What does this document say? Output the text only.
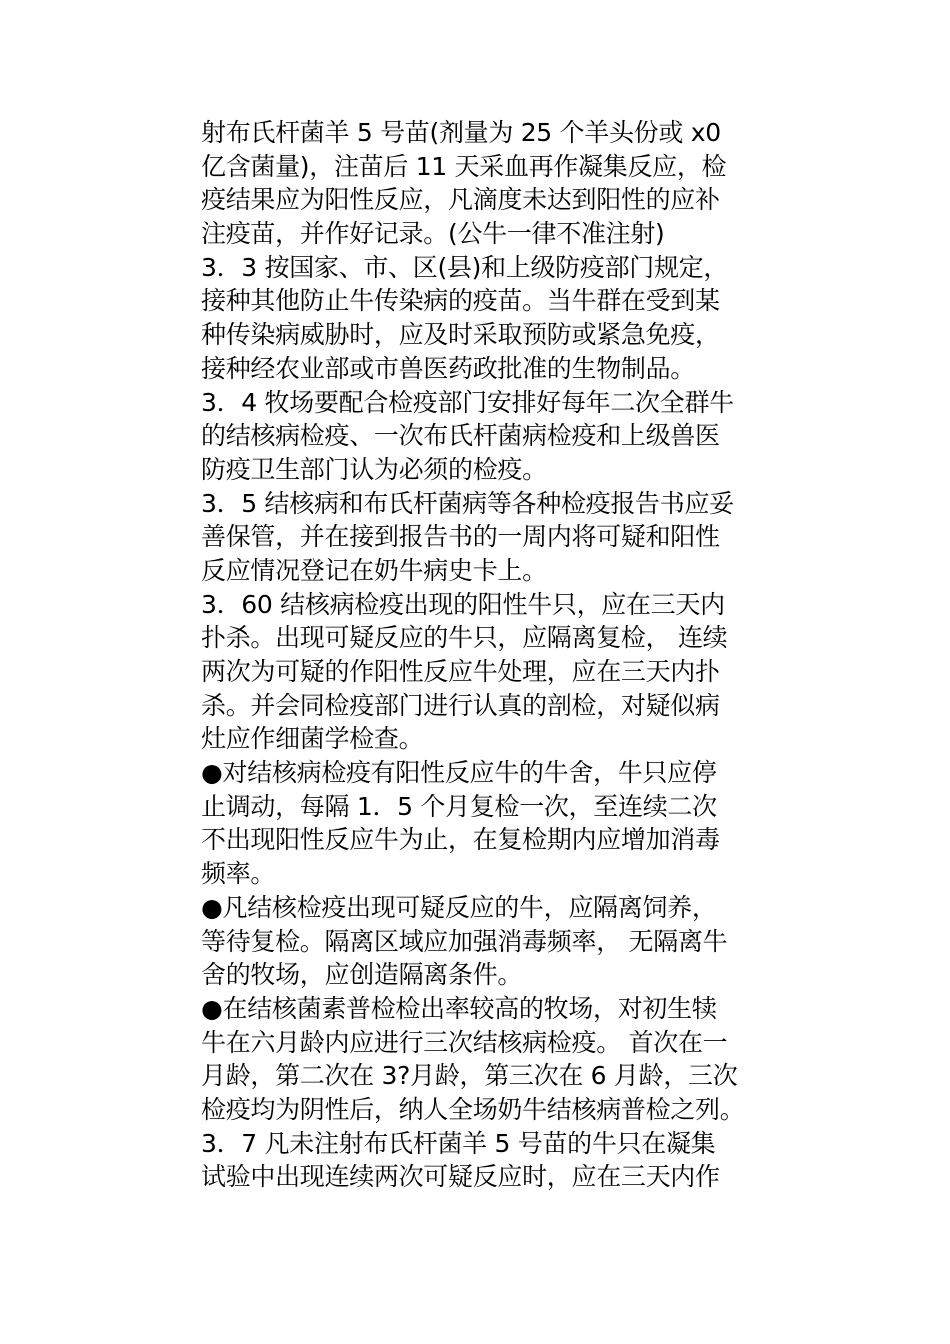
射布氏杆菌羊 5 号苗(剂量为 25 个羊头份或 x0
亿含菌量)，注苗后 11 天采血再作凝集反应，检
疫结果应为阳性反应，凡滴度未达到阳性的应补
注疫苗，并作好记录。(公牛一律不准注射)
3．3 按国家、市、区(县)和上级防疫部门规定，
接种其他防止牛传染病的疫苗。当牛群在受到某
种传染病威胁时，应及时采取预防或紧急免疫，
接种经农业部或市兽医药政批准的生物制品。
3．4 牧场要配合检疫部门安排好每年二次全群牛
的结核病检疫、一次布氏杆菌病检疫和上级兽医
防疫卫生部门认为必须的检疫。
3．5 结核病和布氏杆菌病等各种检疫报告书应妥
善保管，并在接到报告书的一周内将可疑和阳性
反应情况登记在奶牛病史卡上。
3．60 结核病检疫出现的阳性牛只，应在三天内
扑杀。出现可疑反应的牛只，应隔离复检， 连续
两次为可疑的作阳性反应牛处理，应在三天内扑
杀。并会同检疫部门进行认真的剖检，对疑似病
灶应作细菌学检查。
●对结核病检疫有阳性反应牛的牛舍，牛只应停
止调动，每隔 1．5 个月复检一次，至连续二次
不出现阳性反应牛为止，在复检期内应增加消毒
频率。
●凡结核检疫出现可疑反应的牛，应隔离饲养，
等待复检。隔离区域应加强消毒频率， 无隔离牛
舍的牧场，应创造隔离条件。
●在结核菌素普检检出率较高的牧场，对初生犊
牛在六月龄内应进行三次结核病检疫。 首次在一
月龄，第二次在 3?月龄，第三次在 6 月龄，三次
检疫均为阴性后，纳人全场奶牛结核病普检之列。
3．7 凡未注射布氏杆菌羊 5 号苗的牛只在凝集
试验中出现连续两次可疑反应时，应在三天内作
